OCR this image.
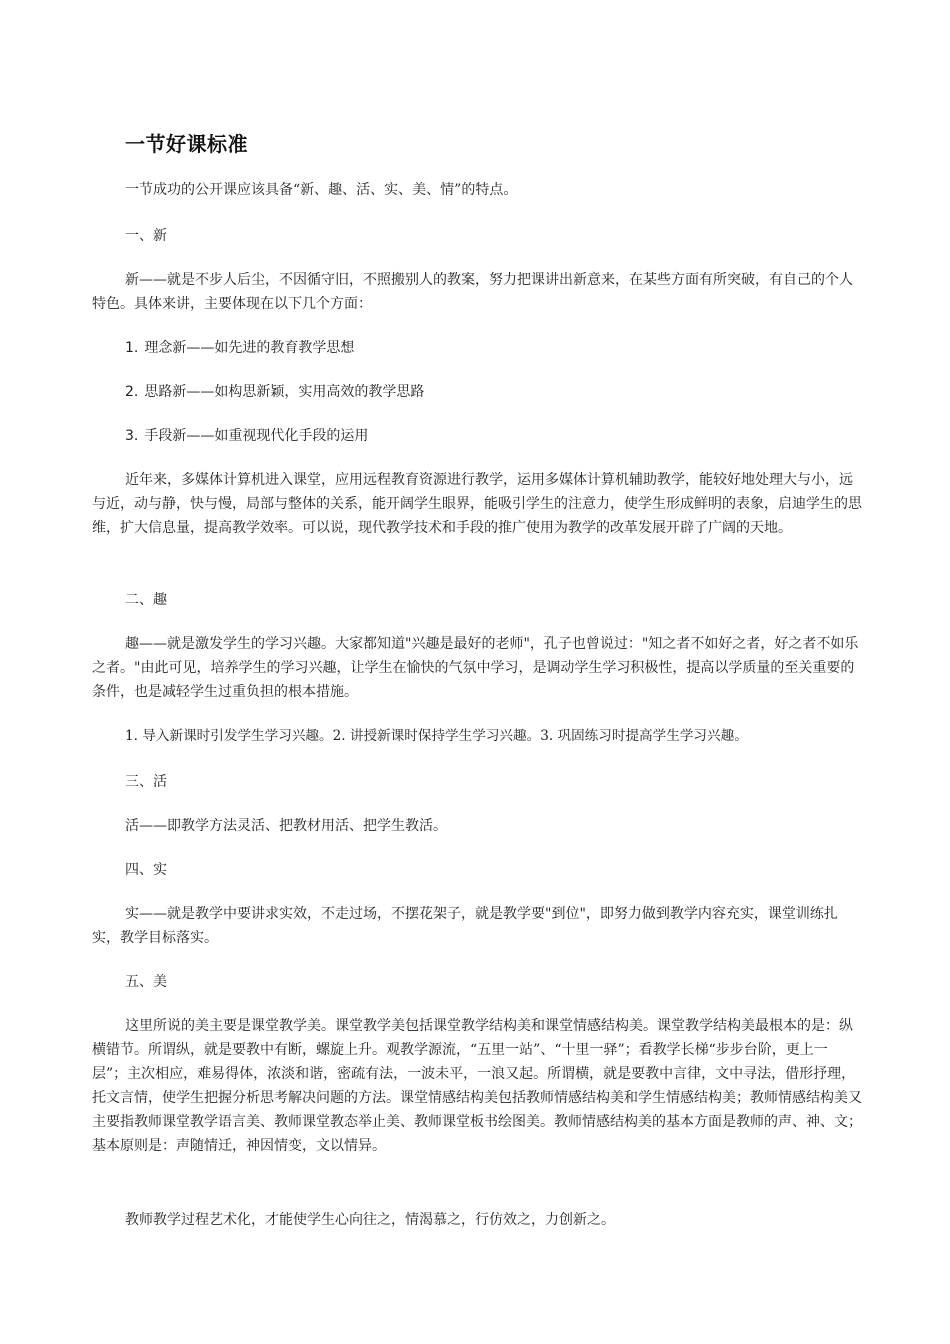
一节好课标准

一节成功的公开课应该具备“新、趣、活、实、美、情”的特点。

一、新

新——就是不步人后尘，不因循守旧，不照搬别人的教案，努力把课讲出新意来，在某些方面有所突破，有自己的个人特色。具体来讲，主要体现在以下几个方面：

1. 理念新——如先进的教育教学思想

2. 思路新——如构思新颖，实用高效的教学思路

3. 手段新——如重视现代化手段的运用

近年来，多媒体计算机进入课堂，应用远程教育资源进行教学，运用多媒体计算机辅助教学，能较好地处理大与小，远与近，动与静，快与慢，局部与整体的关系，能开阔学生眼界，能吸引学生的注意力，使学生形成鲜明的表象，启迪学生的思维，扩大信息量，提高教学效率。可以说，现代教学技术和手段的推广使用为教学的改革发展开辟了广阔的天地。

二、趣

趣——就是激发学生的学习兴趣。大家都知道"兴趣是最好的老师"，孔子也曾说过："知之者不如好之者，好之者不如乐之者。"由此可见，培养学生的学习兴趣，让学生在愉快的气氛中学习，是调动学生学习积极性，提高以学质量的至关重要的条件，也是减轻学生过重负担的根本措施。

1. 导入新课时引发学生学习兴趣。2. 讲授新课时保持学生学习兴趣。3. 巩固练习时提高学生学习兴趣。

三、活

活——即教学方法灵活、把教材用活、把学生教活。

四、实

实——就是教学中要讲求实效，不走过场，不摆花架子，就是教学要"到位"，即努力做到教学内容充实，课堂训练扎实，教学目标落实。

五、美

这里所说的美主要是课堂教学美。课堂教学美包括课堂教学结构美和课堂情感结构美。课堂教学结构美最根本的是：纵横错节。所谓纵，就是要教中有断，螺旋上升。观教学源流，“五里一站”、“十里一驿”；看教学长梯“步步台阶，更上一层”；主次相应，难易得体，浓淡和谐，密疏有法，一波未平，一浪又起。所谓横，就是要教中言律，文中寻法，借形抒理，托文言情，使学生把握分析思考解决问题的方法。课堂情感结构美包括教师情感结构美和学生情感结构美；教师情感结构美又主要指教师课堂教学语言美、教师课堂教态举止美、教师课堂板书绘图美。教师情感结构美的基本方面是教师的声、神、文；基本原则是：声随情迁，神因情变，文以情异。

教师教学过程艺术化，才能使学生心向往之，情渴慕之，行仿效之，力创新之。
